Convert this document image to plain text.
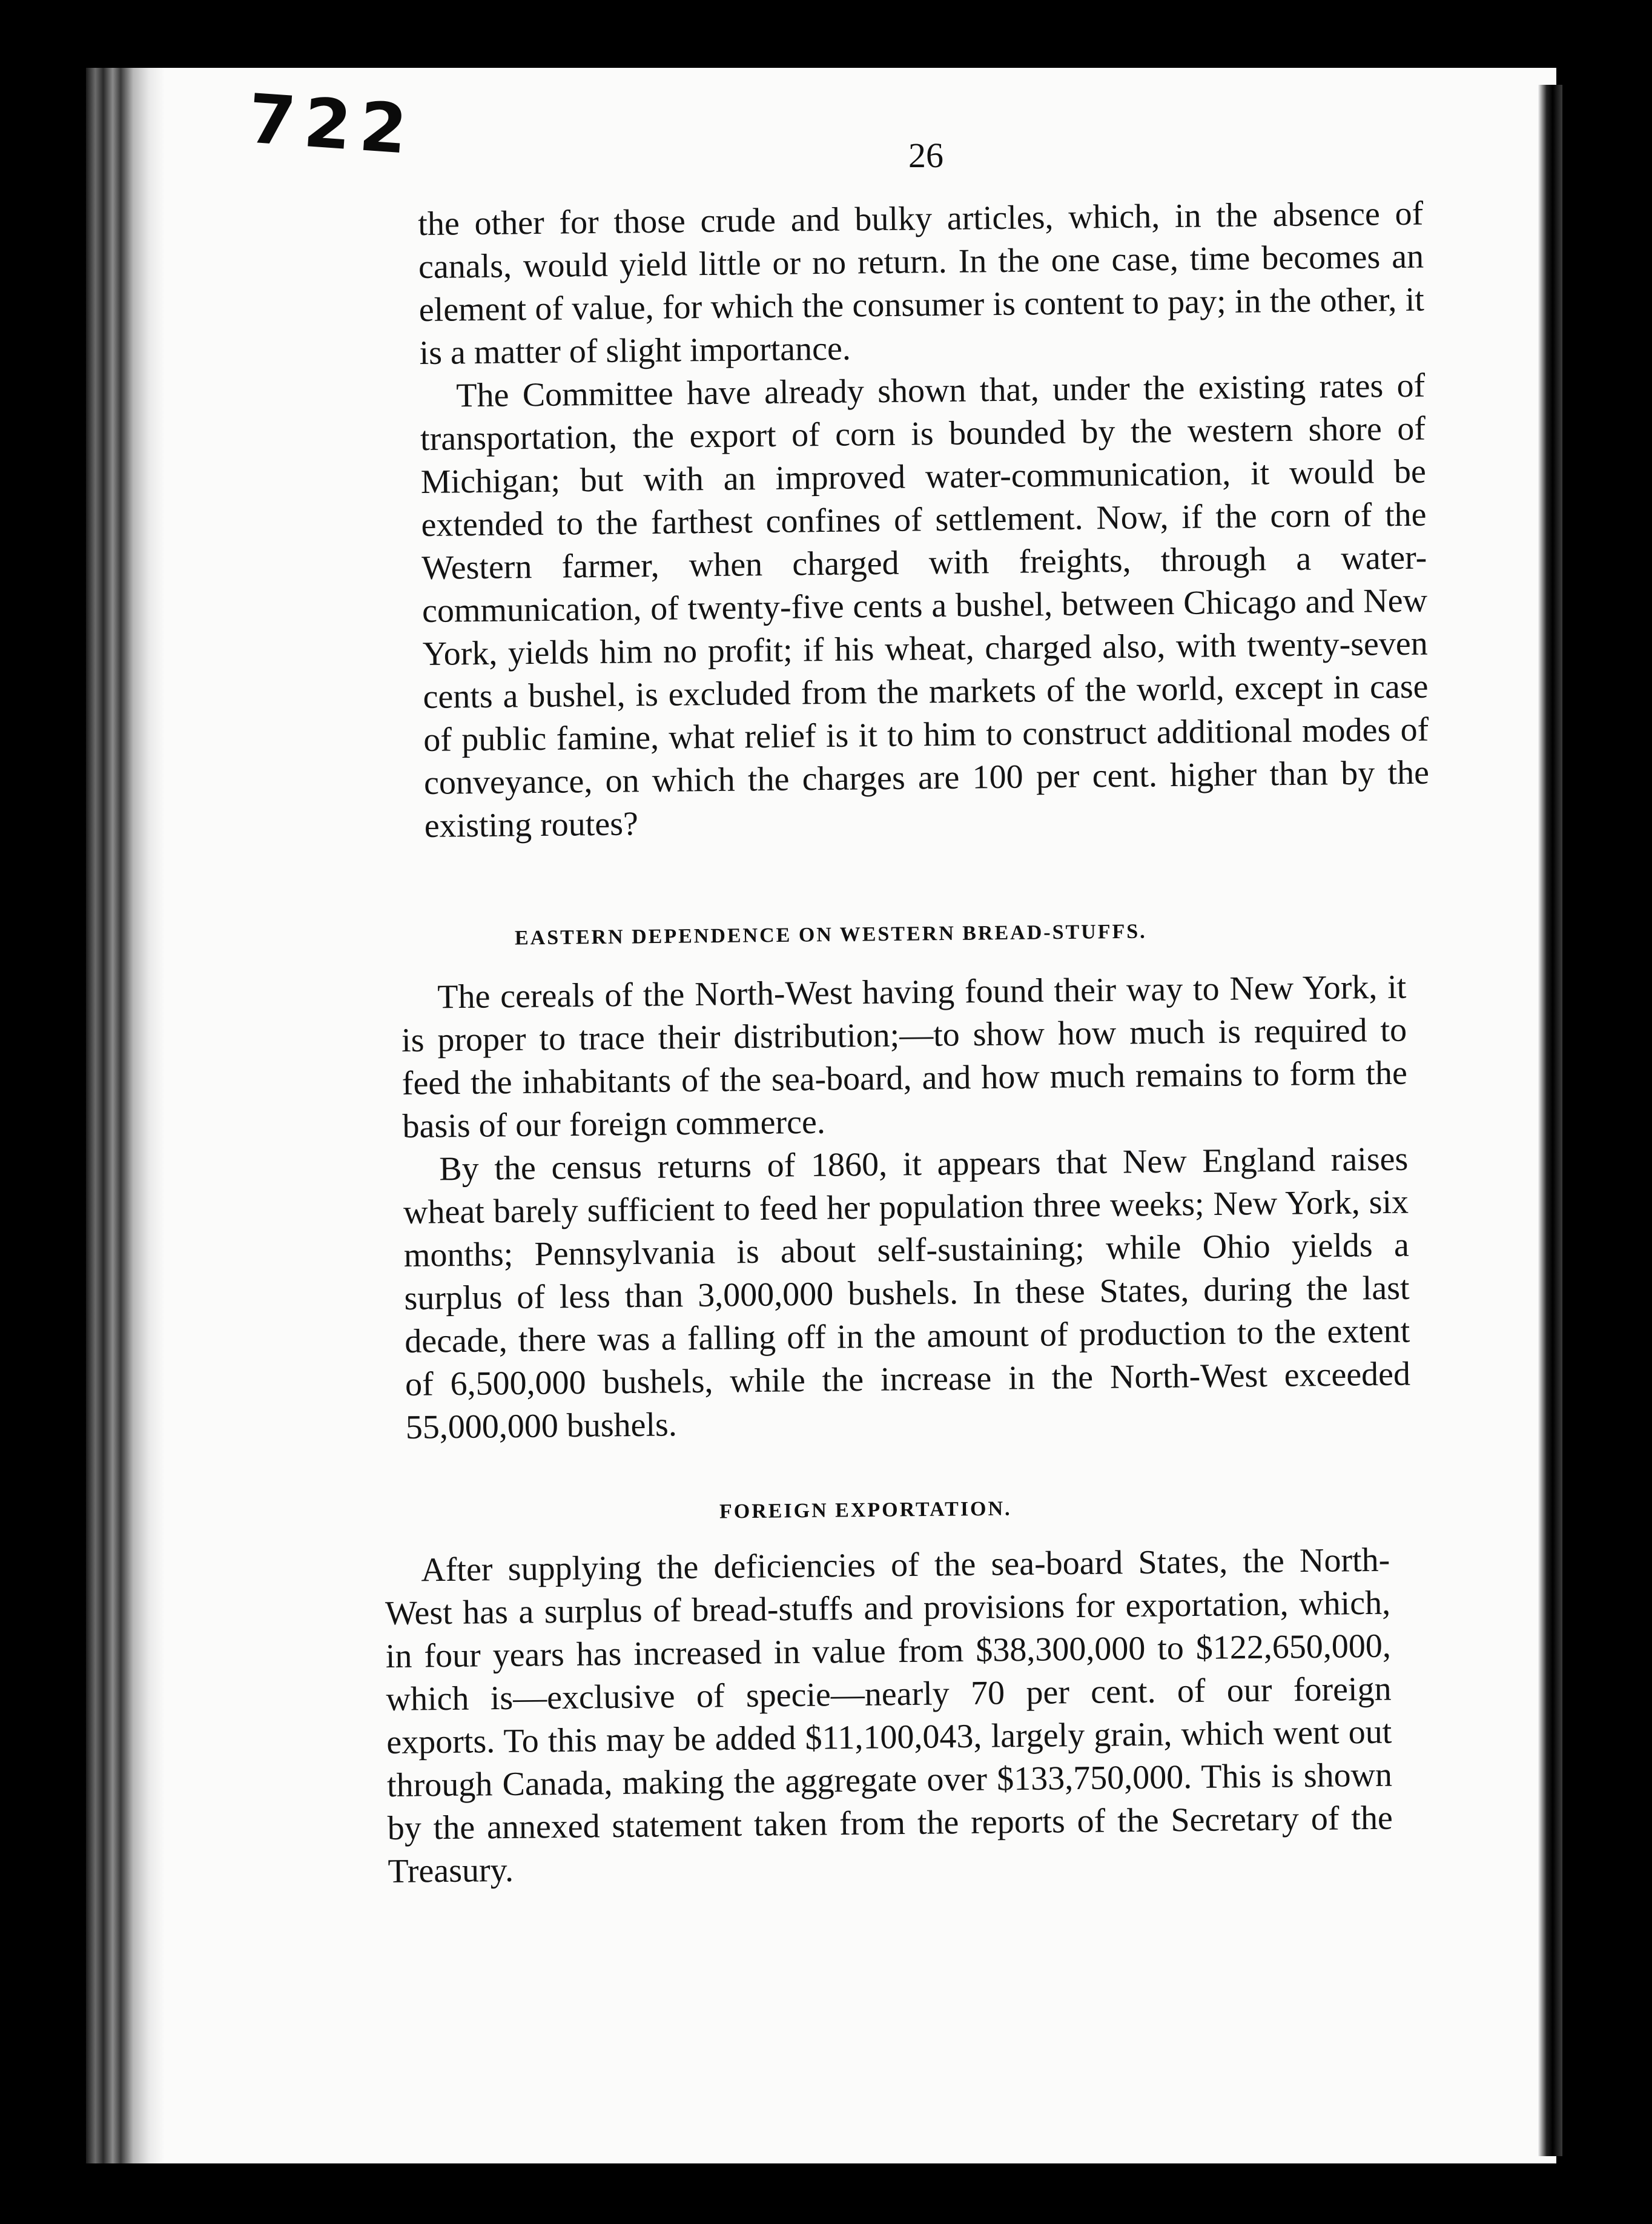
722	26

the other for those crude and bulky articles, which, in the absence of canals, would yield little or no return. In the one case, time becomes an element of value, for which the consumer is content to pay; in the other, it is a matter of slight importance.

The Committee have already shown that, under the existing rates of transportation, the export of corn is bounded by the western shore of Michigan; but with an improved water-communication, it would be extended to the farthest confines of settlement. Now, if the corn of the Western farmer, when charged with freights, through a water-communication, of twenty-five cents a bushel, between Chicago and New York, yields him no profit; if his wheat, charged also, with twenty-seven cents a bushel, is excluded from the markets of the world, except in case of public famine, what relief is it to him to construct additional modes of conveyance, on which the charges are 100 per cent. higher than by the existing routes?

EASTERN DEPENDENCE ON WESTERN BREAD-STUFFS.

The cereals of the North-West having found their way to New York, it is proper to trace their distribution;—to show how much is required to feed the inhabitants of the sea-board, and how much remains to form the basis of our foreign commerce.

By the census returns of 1860, it appears that New England raises wheat barely sufficient to feed her population three weeks; New York, six months; Pennsylvania is about self-sustaining; while Ohio yields a surplus of less than 3,000,000 bushels. In these States, during the last decade, there was a falling off in the amount of production to the extent of 6,500,000 bushels, while the increase in the North-West exceeded 55,000,000 bushels.

FOREIGN EXPORTATION.

After supplying the deficiencies of the sea-board States, the North-West has a surplus of bread-stuffs and provisions for exportation, which, in four years has increased in value from $38,300,000 to $122,650,000, which is—exclusive of specie—nearly 70 per cent. of our foreign exports. To this may be added $11,100,043, largely grain, which went out through Canada, making the aggregate over $133,750,000. This is shown by the annexed statement taken from the reports of the Secretary of the Treasury.
